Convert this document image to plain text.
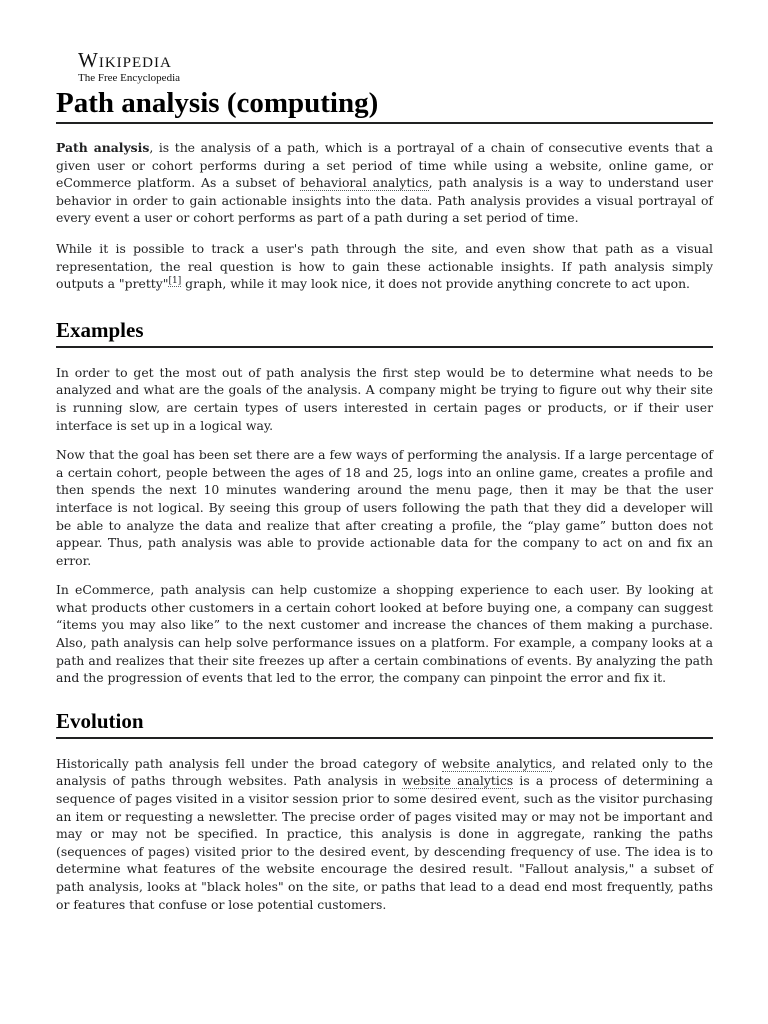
Wikipedia
The Free Encyclopedia
Path analysis (computing)

Path analysis, is the analysis of a path, which is a portrayal of a chain of consecutive events that a given user or cohort performs during a set period of time while using a website, online game, or eCommerce platform. As a subset of behavioral analytics, path analysis is a way to understand user behavior in order to gain actionable insights into the data. Path analysis provides a visual portrayal of every event a user or cohort performs as part of a path during a set period of time.

While it is possible to track a user's path through the site, and even show that path as a visual representation, the real question is how to gain these actionable insights. If path analysis simply outputs a "pretty"[1] graph, while it may look nice, it does not provide anything concrete to act upon.

Examples

In order to get the most out of path analysis the first step would be to determine what needs to be analyzed and what are the goals of the analysis. A company might be trying to figure out why their site is running slow, are certain types of users interested in certain pages or products, or if their user interface is set up in a logical way.

Now that the goal has been set there are a few ways of performing the analysis. If a large percentage of a certain cohort, people between the ages of 18 and 25, logs into an online game, creates a profile and then spends the next 10 minutes wandering around the menu page, then it may be that the user interface is not logical. By seeing this group of users following the path that they did a developer will be able to analyze the data and realize that after creating a profile, the “play game” button does not appear. Thus, path analysis was able to provide actionable data for the company to act on and fix an error.

In eCommerce, path analysis can help customize a shopping experience to each user. By looking at what products other customers in a certain cohort looked at before buying one, a company can suggest “items you may also like” to the next customer and increase the chances of them making a purchase. Also, path analysis can help solve performance issues on a platform. For example, a company looks at a path and realizes that their site freezes up after a certain combinations of events. By analyzing the path and the progression of events that led to the error, the company can pinpoint the error and fix it.

Evolution

Historically path analysis fell under the broad category of website analytics, and related only to the analysis of paths through websites. Path analysis in website analytics is a process of determining a sequence of pages visited in a visitor session prior to some desired event, such as the visitor purchasing an item or requesting a newsletter. The precise order of pages visited may or may not be important and may or may not be specified. In practice, this analysis is done in aggregate, ranking the paths (sequences of pages) visited prior to the desired event, by descending frequency of use. The idea is to determine what features of the website encourage the desired result. "Fallout analysis," a subset of path analysis, looks at "black holes" on the site, or paths that lead to a dead end most frequently, paths or features that confuse or lose potential customers.
